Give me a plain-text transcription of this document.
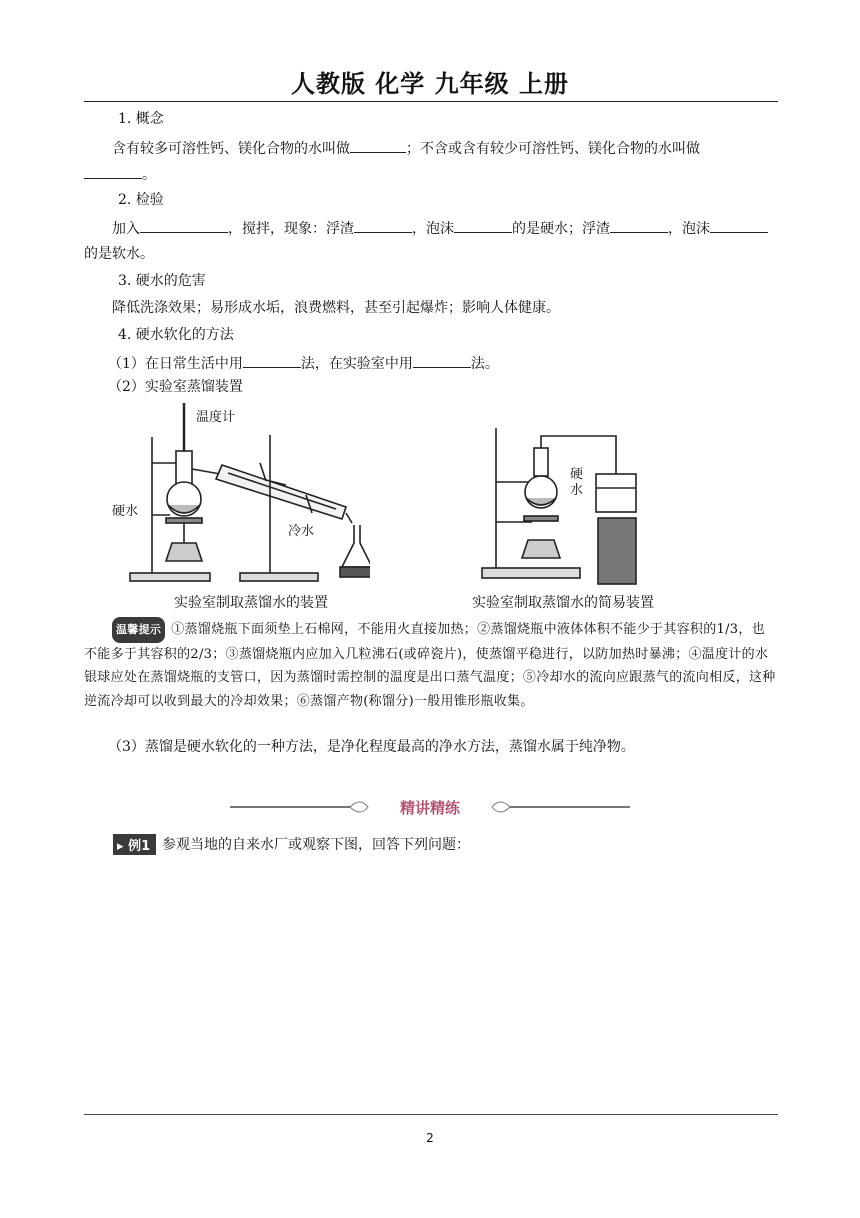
人教版 化学 九年级 上册
1. 概念
含有较多可溶性钙、镁化合物的水叫做	；不含或含有较少可溶性钙、镁化合物的水叫做
。
2. 检验
加入	，搅拌，现象：浮渣	，泡沫	的是硬水；浮渣	，泡沫
的是软水。
3. 硬水的危害
降低洗涤效果；易形成水垢，浪费燃料，甚至引起爆炸；影响人体健康。
4. 硬水软化的方法
（1）在日常生活中用	法，在实验室中用	法。
（2）实验室蒸馏装置
温度计
硬水
冷水
硬水
实验室制取蒸馏水的装置	实验室制取蒸馏水的简易装置
温馨提示 ①蒸馏烧瓶下面须垫上石棉网，不能用火直接加热；②蒸馏烧瓶中液体体积不能少于其容积的1/3，也不能多于其容积的2/3；③蒸馏烧瓶内应加入几粒沸石(或碎瓷片)，使蒸馏平稳进行，以防加热时暴沸；④温度计的水银球应处在蒸馏烧瓶的支管口，因为蒸馏时需控制的温度是出口蒸气温度；⑤冷却水的流向应跟蒸气的流向相反，这种逆流冷却可以收到最大的冷却效果；⑥蒸馏产物(称馏分)一般用锥形瓶收集。
（3）蒸馏是硬水软化的一种方法，是净化程度最高的净水方法，蒸馏水属于纯净物。
精讲精练
▸ 例1 参观当地的自来水厂或观察下图，回答下列问题：
2
